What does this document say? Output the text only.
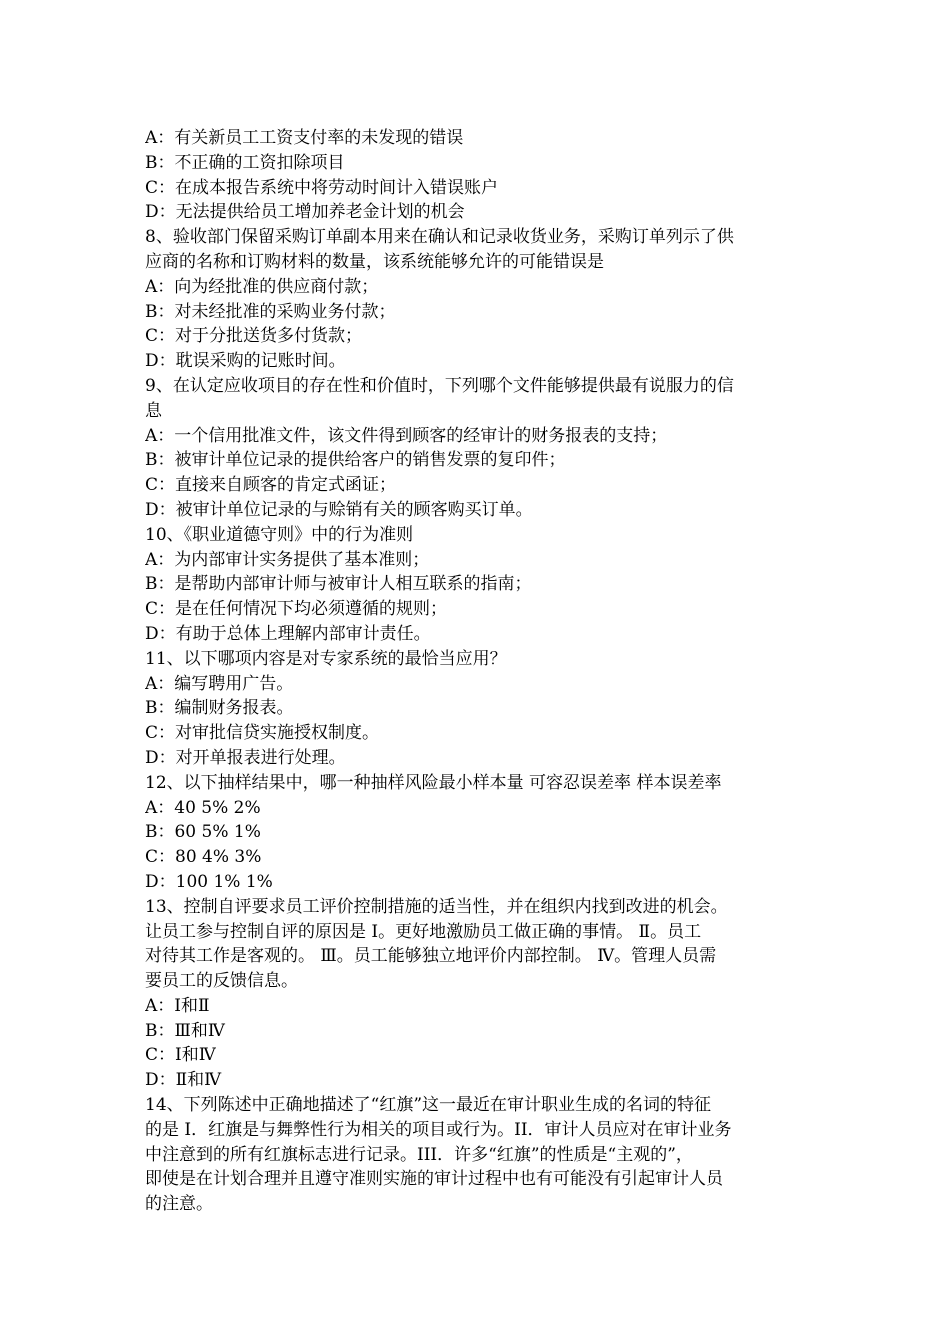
A：有关新员工工资支付率的未发现的错误
B：不正确的工资扣除项目
C：在成本报告系统中将劳动时间计入错误账户
D：无法提供给员工增加养老金计划的机会
8、验收部门保留采购订单副本用来在确认和记录收货业务，采购订单列示了供
应商的名称和订购材料的数量，该系统能够允许的可能错误是
A：向为经批准的供应商付款；
B：对未经批准的采购业务付款；
C：对于分批送货多付货款；
D：耽误采购的记账时间。
9、在认定应收项目的存在性和价值时，下列哪个文件能够提供最有说服力的信
息
A：一个信用批准文件，该文件得到顾客的经审计的财务报表的支持；
B：被审计单位记录的提供给客户的销售发票的复印件；
C：直接来自顾客的肯定式函证；
D：被审计单位记录的与赊销有关的顾客购买订单。
10、《职业道德守则》中的行为准则
A：为内部审计实务提供了基本准则；
B：是帮助内部审计师与被审计人相互联系的指南；
C：是在任何情况下均必须遵循的规则；
D：有助于总体上理解内部审计责任。
11、以下哪项内容是对专家系统的最恰当应用？
A：编写聘用广告。
B：编制财务报表。
C：对审批信贷实施授权制度。
D：对开单报表进行处理。
12、以下抽样结果中，哪一种抽样风险最小样本量 可容忍误差率 样本误差率
A：40 5% 2%
B：60 5% 1%
C：80 4% 3%
D：100 1% 1%
13、控制自评要求员工评价控制措施的适当性，并在组织内找到改进的机会。
让员工参与控制自评的原因是 Ⅰ。更好地激励员工做正确的事情。 Ⅱ。员工
对待其工作是客观的。 Ⅲ。员工能够独立地评价内部控制。 Ⅳ。管理人员需
要员工的反馈信息。
A：Ⅰ和Ⅱ
B：Ⅲ和Ⅳ
C：Ⅰ和Ⅳ
D：Ⅱ和Ⅳ
14、下列陈述中正确地描述了“红旗”这一最近在审计职业生成的名词的特征
的是 I．红旗是与舞弊性行为相关的项目或行为。II．审计人员应对在审计业务
中注意到的所有红旗标志进行记录。III．许多“红旗”的性质是“主观的”，
即使是在计划合理并且遵守准则实施的审计过程中也有可能没有引起审计人员
的注意。
